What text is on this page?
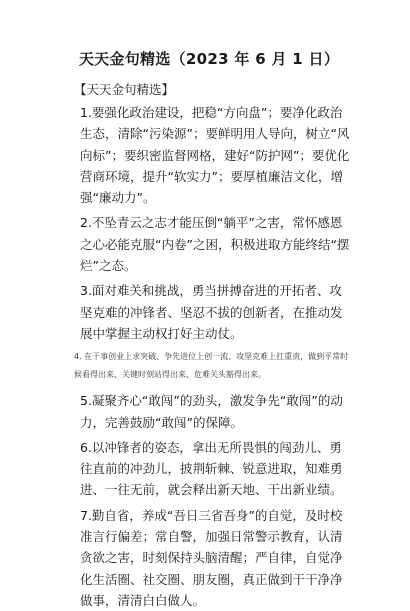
天天金句精选（2023 年 6 月 1 日）
【天天金句精选】

1.要强化政治建设，把稳“方向盘”；要净化政治生态，清除“污染源”；要鲜明用人导向，树立“风向标”；要织密监督网格，建好“防护网”；要优化营商环境，提升“软实力”；要厚植廉洁文化，增强“廉动力”。

2.不坠青云之志才能压倒“躺平”之害，常怀感恩之心必能克服“内卷”之困，积极进取方能终结“摆烂”之态。

3.面对难关和挑战，勇当拼搏奋进的开拓者、攻坚克难的冲锋者、坚忍不拔的创新者，在推动发展中掌握主动权打好主动仗。

4. 在干事创业上求突破、争先进位上创一流、攻坚克难上扛重责，做到平常时候看得出来、关键时刻站得出来、危难关头豁得出来。

5.凝聚齐心“敢闯”的劲头，激发争先“敢闯”的动力，完善鼓励“敢闯”的保障。

6.以冲锋者的姿态，拿出无所畏惧的闯劲儿、勇往直前的冲劲儿，披荆斩棘、锐意进取，知难勇进、一往无前，就会释出新天地、干出新业绩。

7.勤自省，养成“吾日三省吾身”的自觉，及时校准言行偏差；常自警，加强日常警示教育，认清贪欲之害，时刻保持头脑清醒；严自律，自觉净化生活圈、社交圈、朋友圈，真正做到干干净净做事，清清白白做人。
